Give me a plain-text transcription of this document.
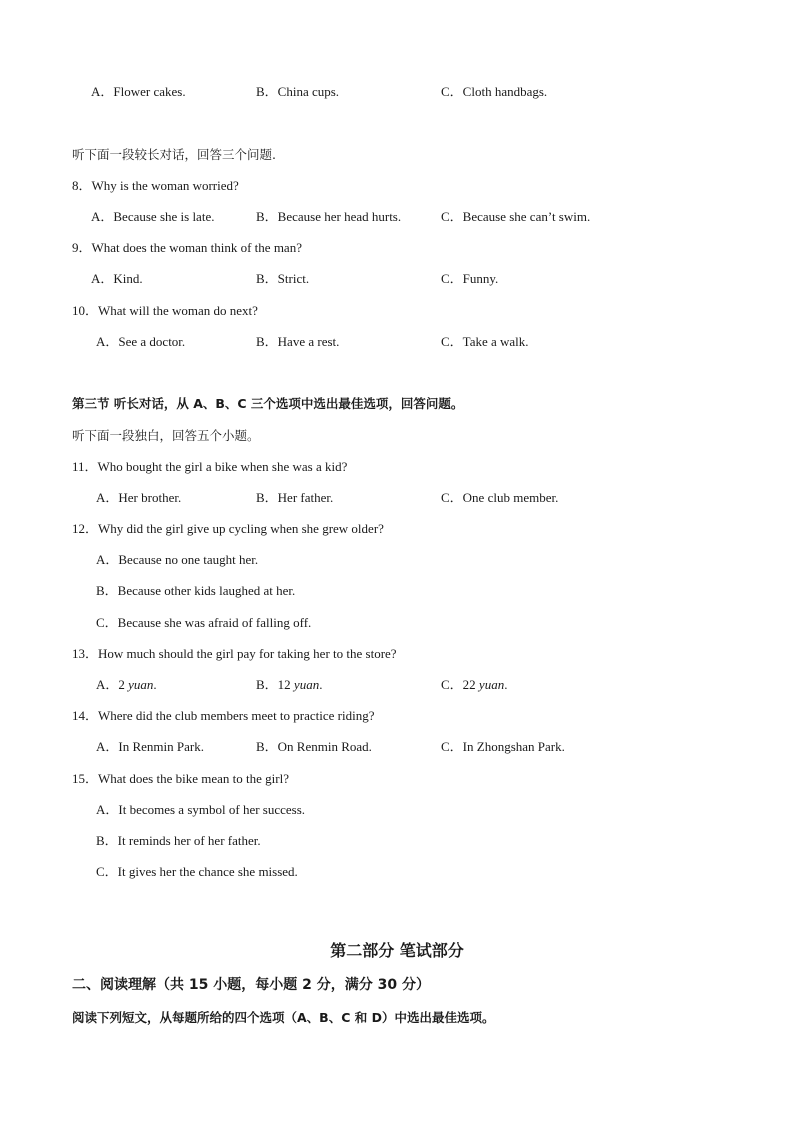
A．Flower cakes.	B．China cups.	C．Cloth handbags.
听下面一段较长对话，回答三个问题.
8．Why is the woman worried?
A．Because she is late.	B．Because her head hurts.	C．Because she can’t swim.
9．What does the woman think of the man?
A．Kind.	B．Strict.	C．Funny.
10．What will the woman do next?
A．See a doctor.	B．Have a rest.	C．Take a walk.
第三节 听长对话，从 A、B、C 三个选项中选出最佳选项，回答问题。
听下面一段独白，回答五个小题。
11．Who bought the girl a bike when she was a kid?
A．Her brother.	B．Her father.	C．One club member.
12．Why did the girl give up cycling when she grew older?
A．Because no one taught her.
B．Because other kids laughed at her.
C．Because she was afraid of falling off.
13．How much should the girl pay for taking her to the store?
A．2 yuan.	B．12 yuan.	C．22 yuan.
14．Where did the club members meet to practice riding?
A．In Renmin Park.	B．On Renmin Road.	C．In Zhongshan Park.
15．What does the bike mean to the girl?
A．It becomes a symbol of her success.
B．It reminds her of her father.
C．It gives her the chance she missed.
第二部分 笔试部分
二、阅读理解（共 15 小题，每小题 2 分，满分 30 分）
阅读下列短文，从每题所给的四个选项（A、B、C 和 D）中选出最佳选项。
